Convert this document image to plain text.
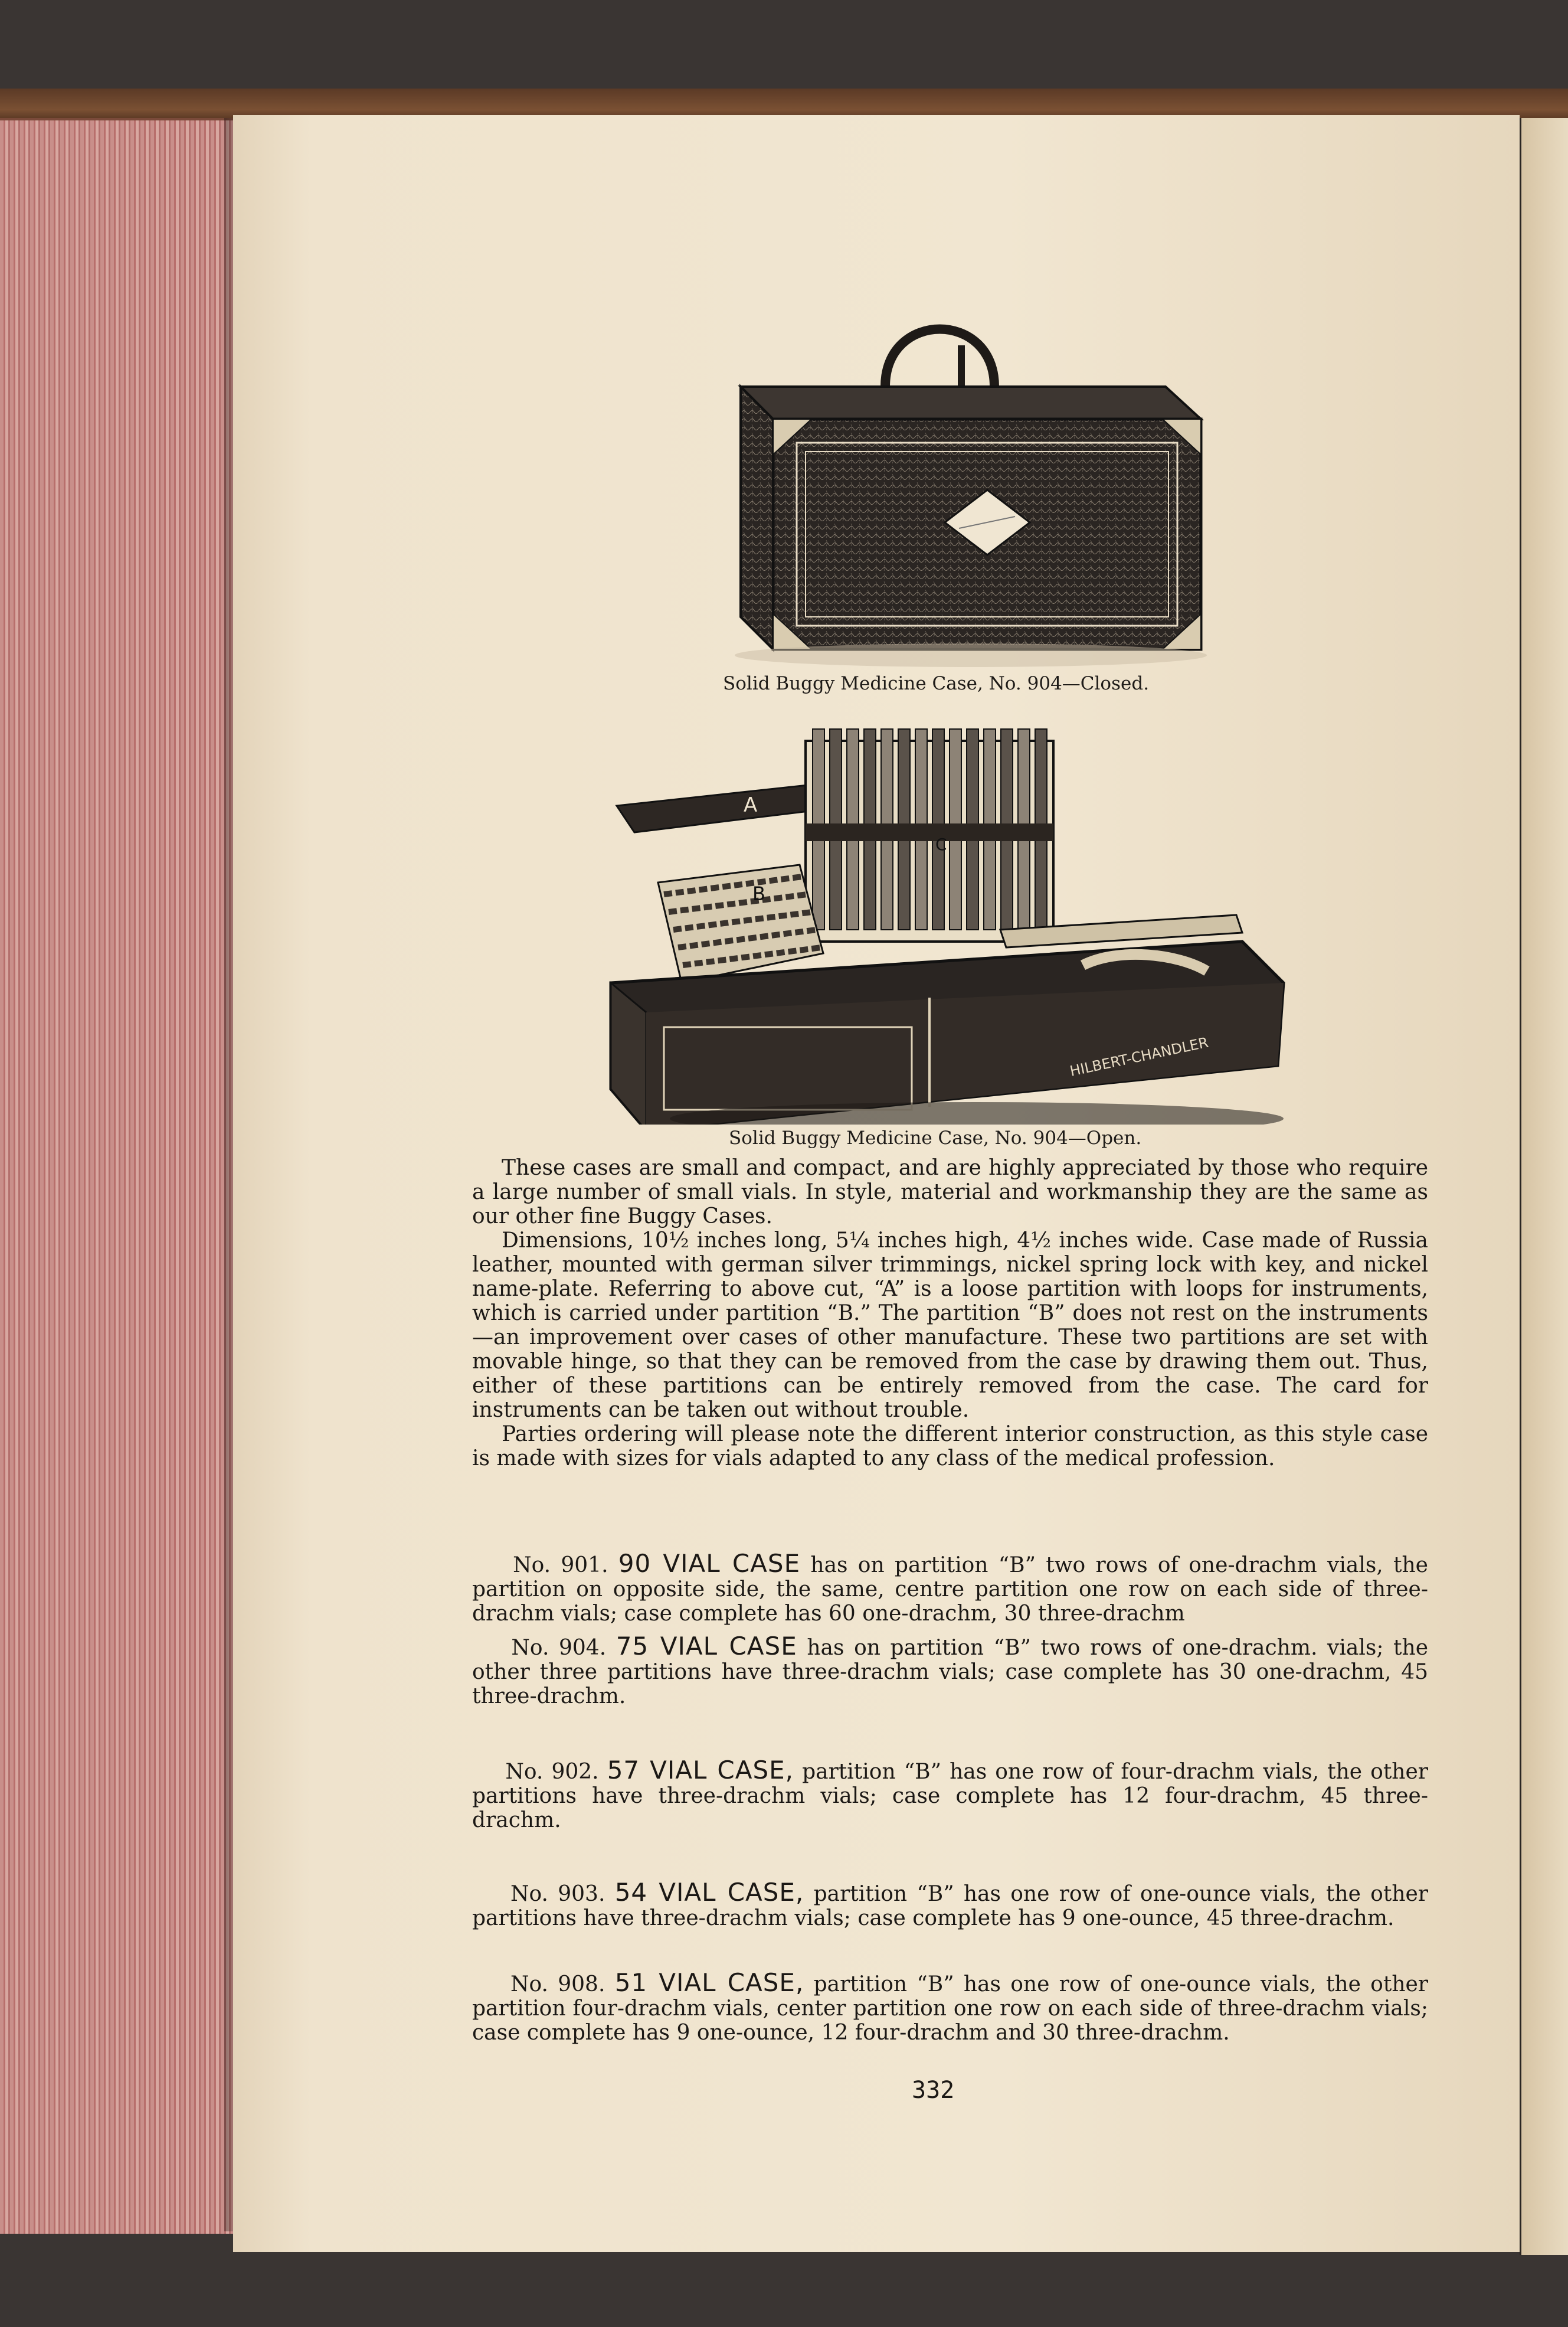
Solid Buggy Medicine Case, No. 904—Closed.
A
C
B
HILBERT-CHANDLER
Solid Buggy Medicine Case, No. 904—Open.

These cases are small and compact, and are highly appreciated by those who require a large number of small vials. In style, material and workmanship they are the same as our other fine Buggy Cases.

Dimensions, 10½ inches long, 5¼ inches high, 4½ inches wide. Case made of Russia leather, mounted with german silver trimmings, nickel spring lock with key, and nickel name-plate. Referring to above cut, “A” is a loose partition with loops for instruments, which is carried under partition “B.” The partition “B” does not rest on the instruments—an improvement over cases of other manufacture. These two partitions are set with movable hinge, so that they can be removed from the case by drawing them out. Thus, either of these partitions can be entirely removed from the case. The card for instruments can be taken out without trouble.

Parties ordering will please note the different interior construction, as this style case is made with sizes for vials adapted to any class of the medical profession.

No. 901. 90 VIAL CASE has on partition “B” two rows of one-drachm vials, the partition on opposite side, the same, centre partition one row on each side of three-drachm vials; case complete has 60 one-drachm, 30 three-drachm
No. 904. 75 VIAL CASE has on partition “B” two rows of one-drachm. vials; the other three partitions have three-drachm vials; case complete has 30 one-drachm, 45 three-drachm.
No. 902. 57 VIAL CASE, partition “B” has one row of four-drachm vials, the other partitions have three-drachm vials; case complete has 12 four-drachm, 45 three-drachm.
No. 903. 54 VIAL CASE, partition “B” has one row of one-ounce vials, the other partitions have three-drachm vials; case complete has 9 one-ounce, 45 three-drachm.
No. 908. 51 VIAL CASE, partition “B” has one row of one-ounce vials, the other partition four-drachm vials, center partition one row on each side of three-drachm vials; case complete has 9 one-ounce, 12 four-drachm and 30 three-drachm.
332
